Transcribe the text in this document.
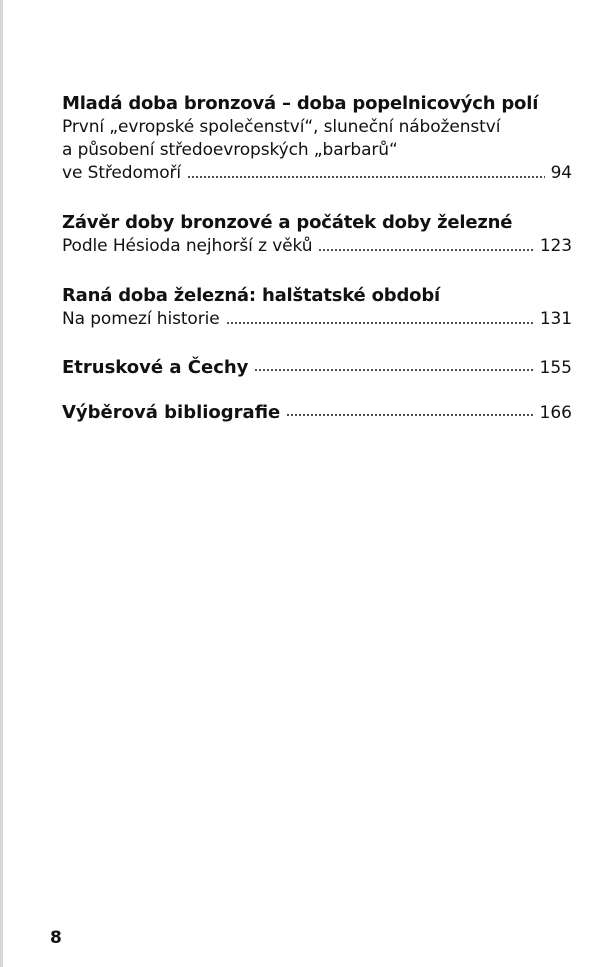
Mladá doba bronzová – doba popelnicových polí
První „evropské společenství“, sluneční náboženství
a působení středoevropských „barbarů“
ve Středomoří	94
Závěr doby bronzové a počátek doby železné
Podle Hésioda nejhorší z věků	123
Raná doba železná: halštatské období
Na pomezí historie	131
Etruskové a Čechy	155
Výběrová bibliografie	166
8
